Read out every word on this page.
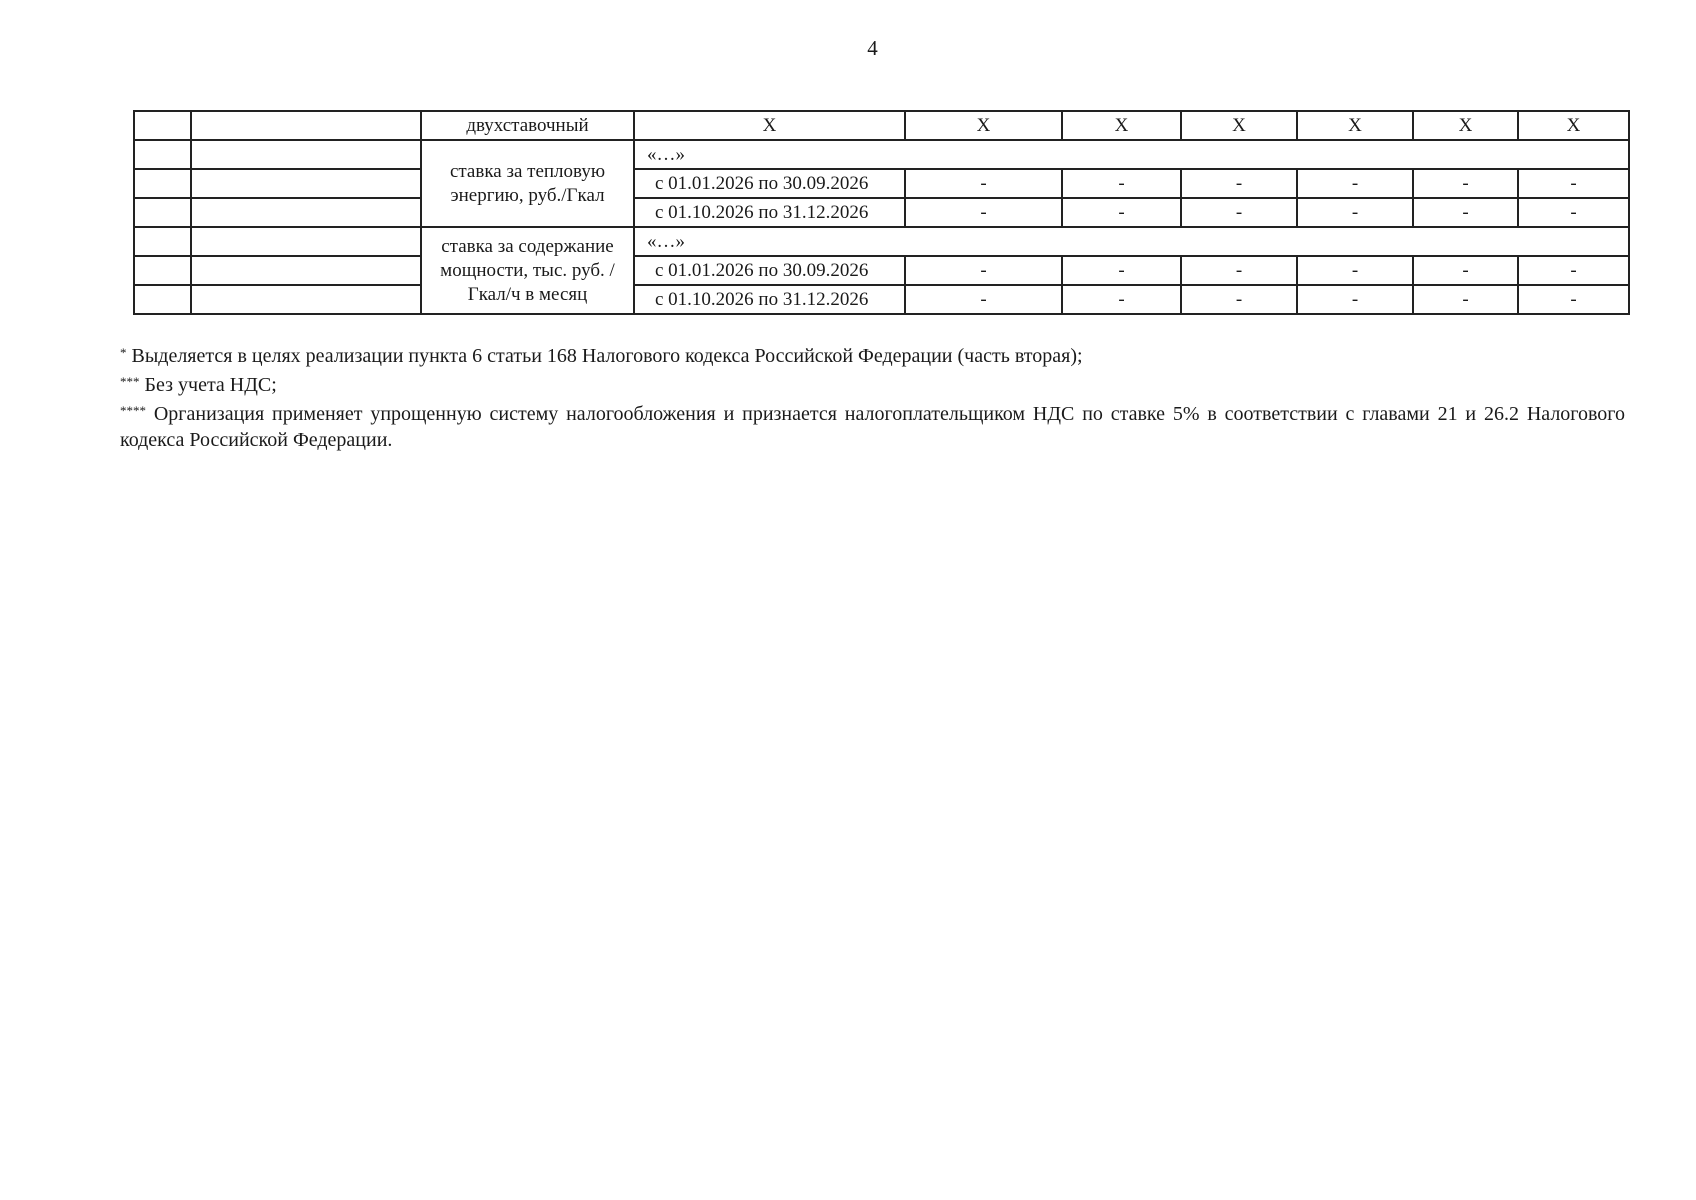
4
		двухставочный	Х	Х	Х	Х	Х	Х	Х
		ставка за тепловую энергию, руб./Гкал	«…»						
			с 01.01.2026 по 30.09.2026	-	-	-	-	-	-
			с 01.10.2026 по 31.12.2026	-	-	-	-	-	-
		ставка за содержание мощности, тыс. руб. /Гкал/ч в месяц	«…»						
			с 01.01.2026 по 30.09.2026	-	-	-	-	-	-
			с 01.10.2026 по 31.12.2026	-	-	-	-	-	-

* Выделяется в целях реализации пункта 6 статьи 168 Налогового кодекса Российской Федерации (часть вторая);

*** Без учета НДС;

**** Организация применяет упрощенную систему налогообложения и признается налогоплательщиком НДС по ставке 5% в соответствии с главами 21 и 26.2 Налогового кодекса Российской Федерации.
